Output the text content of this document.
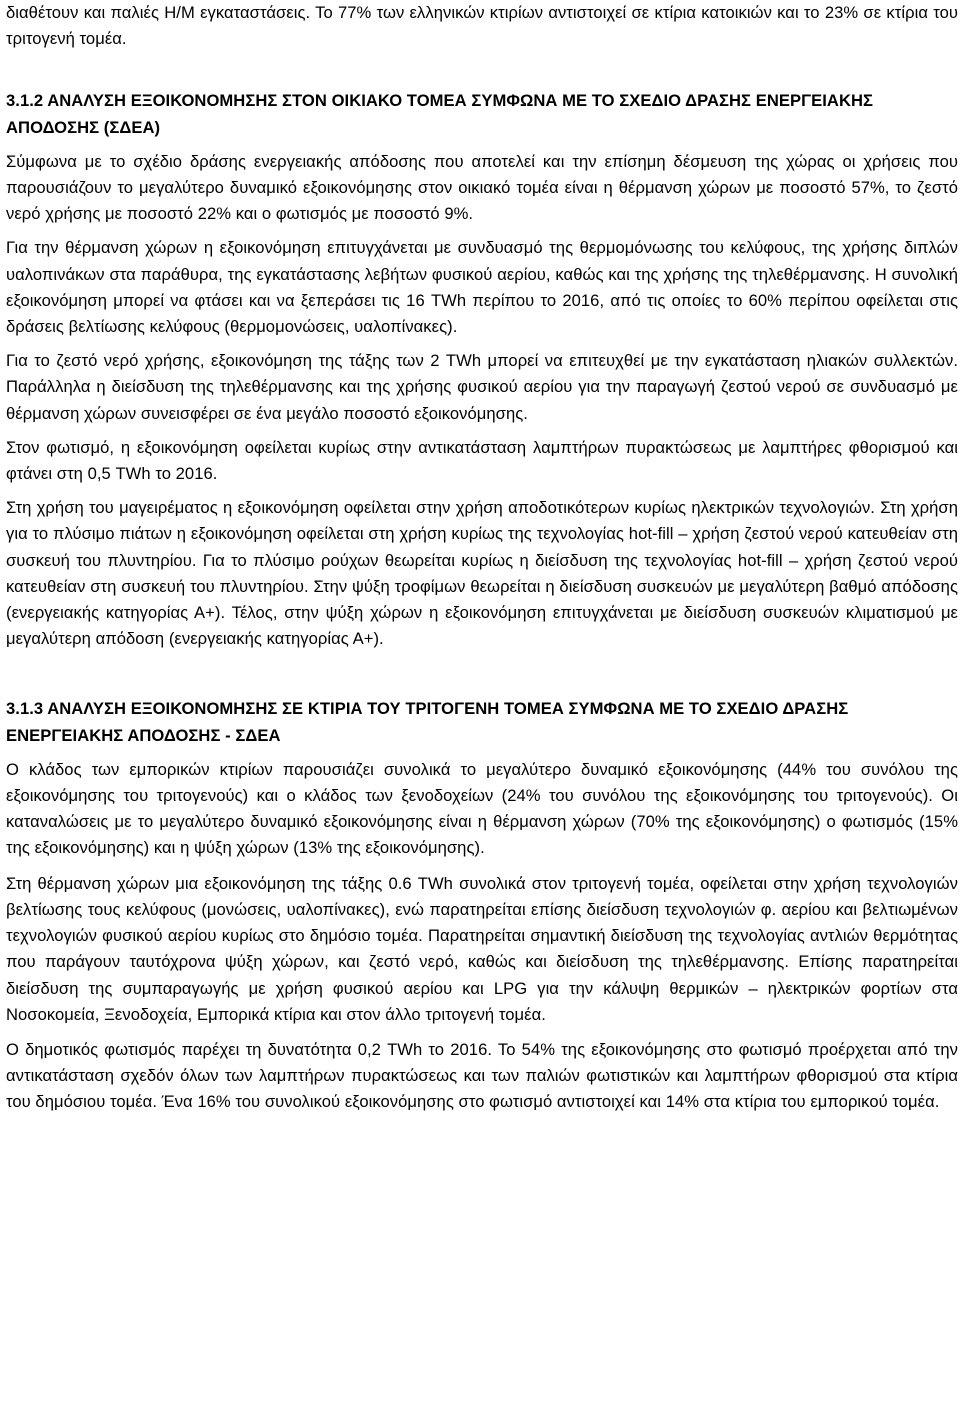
διαθέτουν και παλιές Η/Μ εγκαταστάσεις. Το 77% των ελληνικών κτιρίων αντιστοιχεί σε κτίρια κατοικιών και το 23% σε κτίρια του τριτογενή τομέα.

3.1.2 ΑΝΑΛΥΣΗ ΕΞΟΙΚΟΝΟΜΗΣΗΣ ΣΤΟΝ ΟΙΚΙΑΚΟ ΤΟΜΕΑ ΣΥΜΦΩΝΑ ΜΕ ΤΟ ΣΧΕΔΙΟ ΔΡΑΣΗΣ ΕΝΕΡΓΕΙΑΚΗΣ ΑΠΟΔΟΣΗΣ (ΣΔΕΑ)

Σύμφωνα με το σχέδιο δράσης ενεργειακής απόδοσης που αποτελεί και την επίσημη δέσμευση της χώρας οι χρήσεις που παρουσιάζουν το μεγαλύτερο δυναμικό εξοικονόμησης στον οικιακό τομέα είναι η θέρμανση χώρων με ποσοστό 57%, το ζεστό νερό χρήσης με ποσοστό 22% και ο φωτισμός με ποσοστό 9%.

Για την θέρμανση χώρων η εξοικονόμηση επιτυγχάνεται με συνδυασμό της θερμομόνωσης του κελύφους, της χρήσης διπλών υαλοπινάκων στα παράθυρα, της εγκατάστασης λεβήτων φυσικού αερίου, καθώς και της χρήσης της τηλεθέρμανσης. Η συνολική εξοικονόμηση μπορεί να φτάσει και να ξεπεράσει τις 16 TWh περίπου το 2016, από τις οποίες το 60% περίπου οφείλεται στις δράσεις βελτίωσης κελύφους (θερμομονώσεις, υαλοπίνακες).

Για το ζεστό νερό χρήσης, εξοικονόμηση της τάξης των 2 TWh μπορεί να επιτευχθεί με την εγκατάσταση ηλιακών συλλεκτών. Παράλληλα η διείσδυση της τηλεθέρμανσης και της χρήσης φυσικού αερίου για την παραγωγή ζεστού νερού σε συνδυασμό με θέρμανση χώρων συνεισφέρει σε ένα μεγάλο ποσοστό εξοικονόμησης.

Στον φωτισμό, η εξοικονόμηση οφείλεται κυρίως στην αντικατάσταση λαμπτήρων πυρακτώσεως με λαμπτήρες φθορισμού και φτάνει στη 0,5 TWh το 2016.

Στη χρήση του μαγειρέματος η εξοικονόμηση οφείλεται στην χρήση αποδοτικότερων κυρίως ηλεκτρικών τεχνολογιών. Στη χρήση για το πλύσιμο πιάτων η εξοικονόμηση οφείλεται στη χρήση κυρίως της τεχνολογίας hot-fill – χρήση ζεστού νερού κατευθείαν στη συσκευή του πλυντηρίου. Για το πλύσιμο ρούχων θεωρείται κυρίως η διείσδυση της τεχνολογίας hot-fill – χρήση ζεστού νερού κατευθείαν στη συσκευή του πλυντηρίου. Στην ψύξη τροφίμων θεωρείται η διείσδυση συσκευών με μεγαλύτερη βαθμό απόδοσης (ενεργειακής κατηγορίας Α+). Τέλος, στην ψύξη χώρων η εξοικονόμηση επιτυγχάνεται με διείσδυση συσκευών κλιματισμού με μεγαλύτερη απόδοση (ενεργειακής κατηγορίας Α+).

3.1.3 ΑΝΑΛΥΣΗ ΕΞΟΙΚΟΝΟΜΗΣΗΣ ΣΕ ΚΤΙΡΙΑ ΤΟΥ ΤΡΙΤΟΓΕΝΗ ΤΟΜΕΑ ΣΥΜΦΩΝΑ ΜΕ ΤΟ ΣΧΕΔΙΟ ΔΡΑΣΗΣ ΕΝΕΡΓΕΙΑΚΗΣ ΑΠΟΔΟΣΗΣ - ΣΔΕΑ

Ο κλάδος των εμπορικών κτιρίων παρουσιάζει συνολικά το μεγαλύτερο δυναμικό εξοικονόμησης (44% του συνόλου της εξοικονόμησης του τριτογενούς) και ο κλάδος των ξενοδοχείων (24% του συνόλου της εξοικονόμησης του τριτογενούς). Οι καταναλώσεις με το μεγαλύτερο δυναμικό εξοικονόμησης είναι η θέρμανση χώρων (70% της εξοικονόμησης) ο φωτισμός (15% της εξοικονόμησης) και η ψύξη χώρων (13% της εξοικονόμησης).

Στη θέρμανση χώρων μια εξοικονόμηση της τάξης 0.6 TWh συνολικά στον τριτογενή τομέα, οφείλεται στην χρήση τεχνολογιών βελτίωσης τους κελύφους (μονώσεις, υαλοπίνακες), ενώ παρατηρείται επίσης διείσδυση τεχνολογιών φ. αερίου και βελτιωμένων τεχνολογιών φυσικού αερίου κυρίως στο δημόσιο τομέα. Παρατηρείται σημαντική διείσδυση της τεχνολογίας αντλιών θερμότητας που παράγουν ταυτόχρονα ψύξη χώρων, και ζεστό νερό, καθώς και διείσδυση της τηλεθέρμανσης. Επίσης παρατηρείται διείσδυση της συμπαραγωγής με χρήση φυσικού αερίου και LPG για την κάλυψη θερμικών – ηλεκτρικών φορτίων στα Νοσοκομεία, Ξενοδοχεία, Εμπορικά κτίρια και στον άλλο τριτογενή τομέα.

Ο δημοτικός φωτισμός παρέχει τη δυνατότητα 0,2 TWh το 2016. Το 54% της εξοικονόμησης στο φωτισμό προέρχεται από την αντικατάσταση σχεδόν όλων των λαμπτήρων πυρακτώσεως και των παλιών φωτιστικών και λαμπτήρων φθορισμού στα κτίρια του δημόσιου τομέα. Ένα 16% του συνολικού εξοικονόμησης στο φωτισμό αντιστοιχεί και 14% στα κτίρια του εμπορικού τομέα.
